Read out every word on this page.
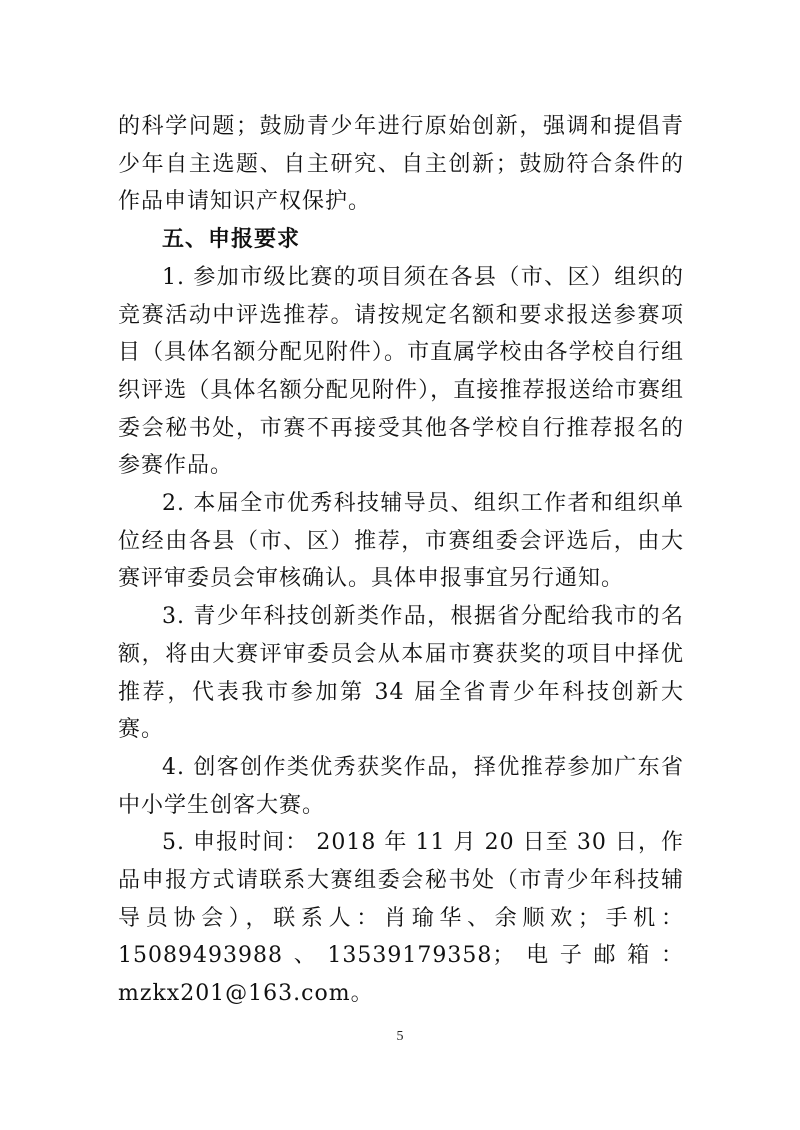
的科学问题；鼓励青少年进行原始创新，强调和提倡青少年自主选题、自主研究、自主创新；鼓励符合条件的作品申请知识产权保护。

五、申报要求

1. 参加市级比赛的项目须在各县（市、区）组织的竞赛活动中评选推荐。请按规定名额和要求报送参赛项目（具体名额分配见附件）。市直属学校由各学校自行组织评选（具体名额分配见附件），直接推荐报送给市赛组委会秘书处，市赛不再接受其他各学校自行推荐报名的参赛作品。

2. 本届全市优秀科技辅导员、组织工作者和组织单位经由各县（市、区）推荐，市赛组委会评选后，由大赛评审委员会审核确认。具体申报事宜另行通知。

3. 青少年科技创新类作品，根据省分配给我市的名额，将由大赛评审委员会从本届市赛获奖的项目中择优推荐，代表我市参加第 34 届全省青少年科技创新大赛。

4. 创客创作类优秀获奖作品，择优推荐参加广东省中小学生创客大赛。

5. 申报时间： 2018 年 11 月 20 日至 30 日，作品申报方式请联系大赛组委会秘书处（市青少年科技辅导员协会），联系人：肖瑜华、余顺欢；手机：15089493988、13539179358；电子邮箱：mzkx201@163.com。

5
